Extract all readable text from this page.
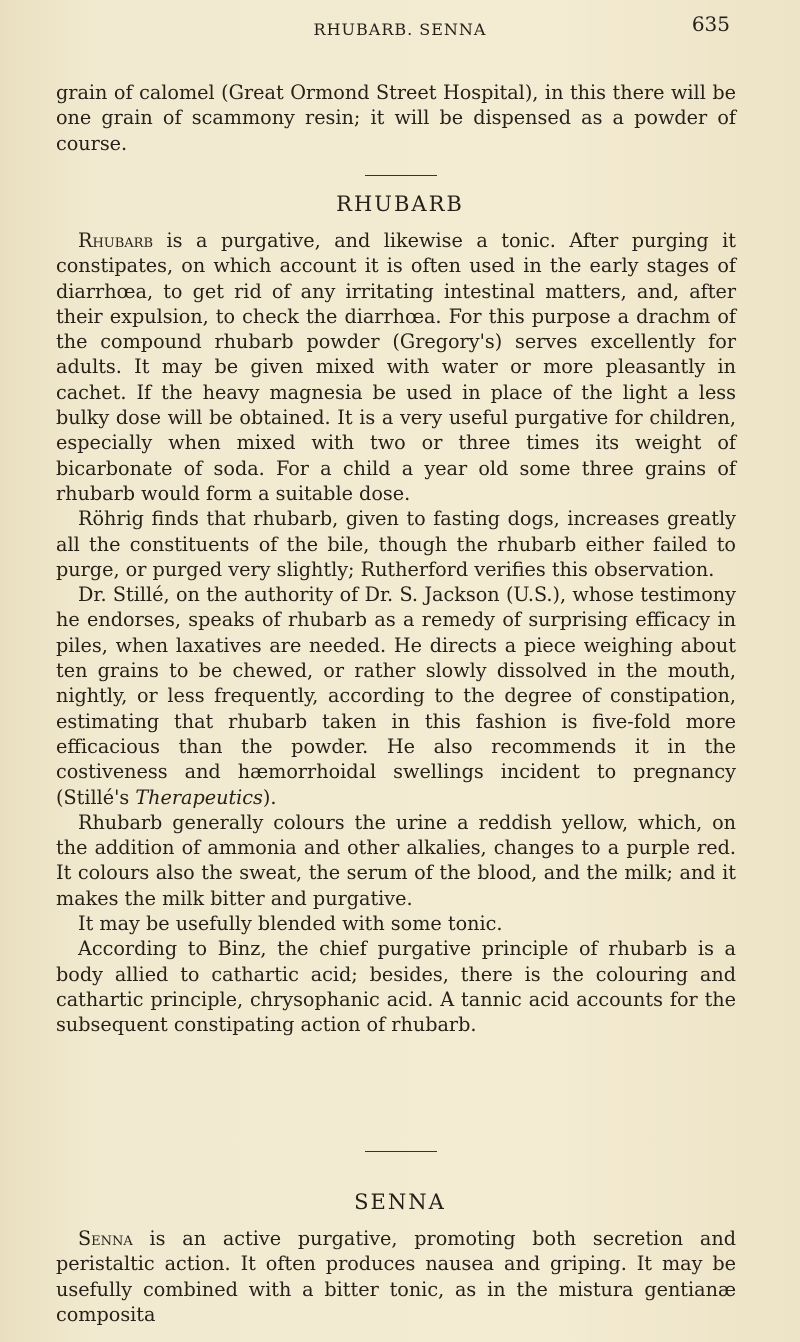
RHUBARB. SENNA	635

grain of calomel (Great Ormond Street Hospital), in this there will be one grain of scammony resin; it will be dispensed as a powder of course.

RHUBARB

Rhubarb is a purgative, and likewise a tonic. After purging it constipates, on which account it is often used in the early stages of diarrhœa, to get rid of any irritating intestinal matters, and, after their expulsion, to check the diarrhœa. For this purpose a drachm of the compound rhubarb powder (Gregory's) serves excellently for adults. It may be given mixed with water or more pleasantly in cachet. If the heavy magnesia be used in place of the light a less bulky dose will be obtained. It is a very useful purgative for children, especially when mixed with two or three times its weight of bicarbonate of soda. For a child a year old some three grains of rhubarb would form a suitable dose.

Röhrig finds that rhubarb, given to fasting dogs, increases greatly all the constituents of the bile, though the rhubarb either failed to purge, or purged very slightly; Rutherford verifies this observation.

Dr. Stillé, on the authority of Dr. S. Jackson (U.S.), whose testimony he endorses, speaks of rhubarb as a remedy of surprising efficacy in piles, when laxatives are needed. He directs a piece weighing about ten grains to be chewed, or rather slowly dissolved in the mouth, nightly, or less frequently, according to the degree of constipation, estimating that rhubarb taken in this fashion is five-fold more efficacious than the powder. He also recommends it in the costiveness and hæmorrhoidal swellings incident to pregnancy (Stillé's Therapeutics).

Rhubarb generally colours the urine a reddish yellow, which, on the addition of ammonia and other alkalies, changes to a purple red. It colours also the sweat, the serum of the blood, and the milk; and it makes the milk bitter and purgative.

It may be usefully blended with some tonic.

According to Binz, the chief purgative principle of rhubarb is a body allied to cathartic acid; besides, there is the colouring and cathartic principle, chrysophanic acid. A tannic acid accounts for the subsequent constipating action of rhubarb.

SENNA

Senna is an active purgative, promoting both secretion and peristaltic action. It often produces nausea and griping. It may be usefully combined with a bitter tonic, as in the mistura gentianæ composita
